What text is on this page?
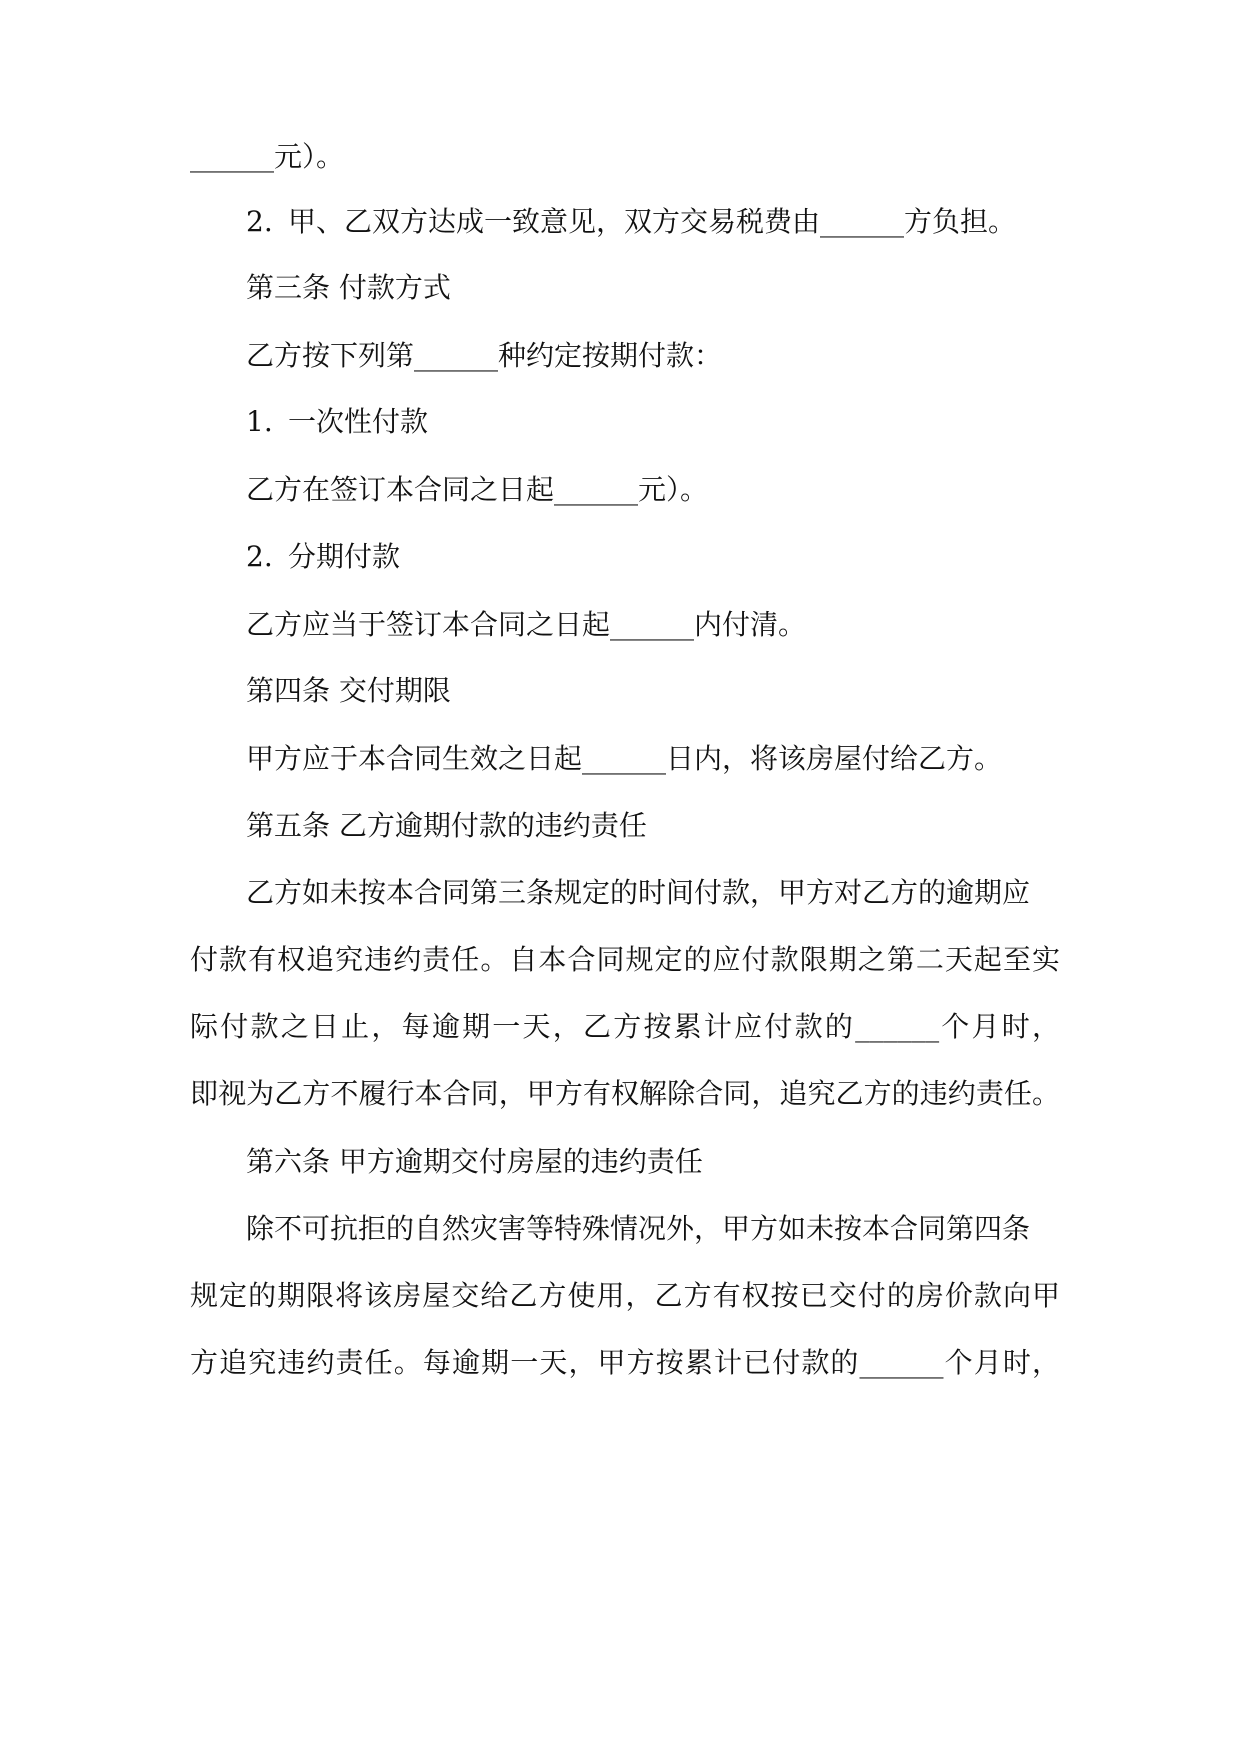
______元）。
2. 甲、乙双方达成一致意见，双方交易税费由______方负担。
第三条 付款方式
乙方按下列第______种约定按期付款：
1. 一次性付款
乙方在签订本合同之日起______元）。
2. 分期付款
乙方应当于签订本合同之日起______内付清。
第四条 交付期限
甲方应于本合同生效之日起______日内，将该房屋付给乙方。
第五条 乙方逾期付款的违约责任
乙方如未按本合同第三条规定的时间付款，甲方对乙方的逾期应
付款有权追究违约责任。自本合同规定的应付款限期之第二天起至实
际付款之日止，每逾期一天，乙方按累计应付款的______个月时，
即视为乙方不履行本合同，甲方有权解除合同，追究乙方的违约责任。
第六条 甲方逾期交付房屋的违约责任
除不可抗拒的自然灾害等特殊情况外，甲方如未按本合同第四条
规定的期限将该房屋交给乙方使用，乙方有权按已交付的房价款向甲
方追究违约责任。每逾期一天，甲方按累计已付款的______个月时，
